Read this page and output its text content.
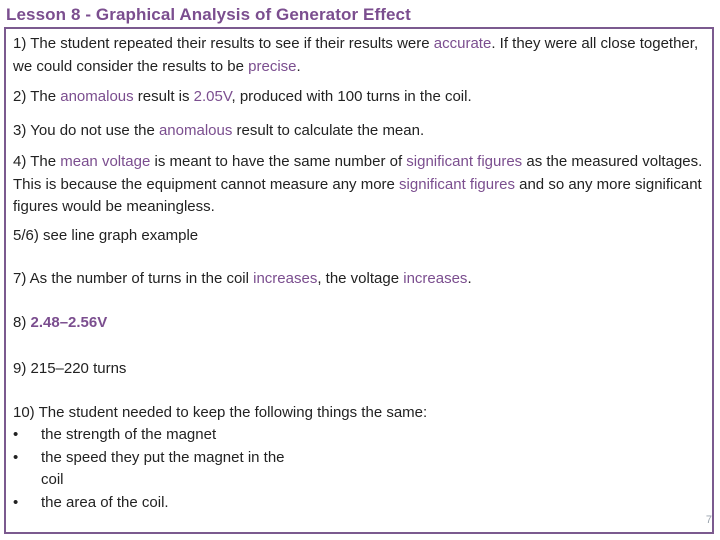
Lesson 8 - Graphical Analysis of Generator Effect

1) The student repeated their results to see if their results were accurate. If they were all close together, we could consider the results to be precise.

2) The anomalous result is 2.05V, produced with 100 turns in the coil.

3) You do not use the anomalous result to calculate the mean.

4) The mean voltage is meant to have the same number of significant figures as the measured voltages. This is because the equipment cannot measure any more significant figures and so any more significant figures would be meaningless.

5/6) see line graph example

7) As the number of turns in the coil increases, the voltage increases.

8) 2.48–2.56V

9) 215–220 turns

10) The student needed to keep the following things the same:

• the strength of the magnet
• the speed they put the magnet in the coil
• the area of the coil.
7
